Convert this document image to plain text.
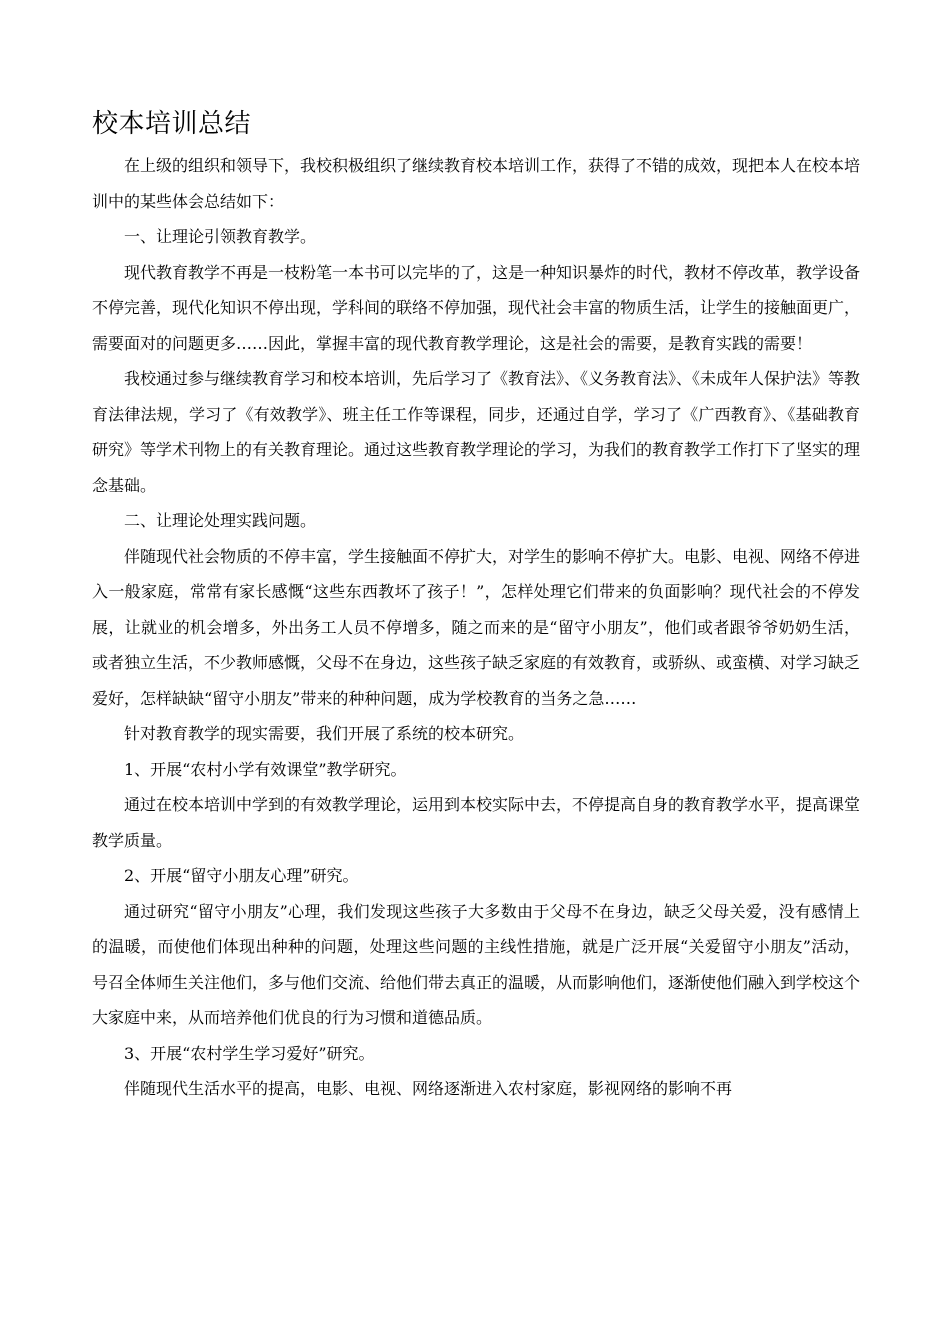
校本培训总结

在上级的组织和领导下，我校积极组织了继续教育校本培训工作，获得了不错的成效，现把本人在校本培训中的某些体会总结如下：

一、让理论引领教育教学。

现代教育教学不再是一枝粉笔一本书可以完毕的了，这是一种知识暴炸的时代，教材不停改革，教学设备不停完善，现代化知识不停出现，学科间的联络不停加强，现代社会丰富的物质生活，让学生的接触面更广，需要面对的问题更多……因此，掌握丰富的现代教育教学理论，这是社会的需要，是教育实践的需要！

我校通过参与继续教育学习和校本培训，先后学习了《教育法》、《义务教育法》、《未成年人保护法》等教育法律法规，学习了《有效教学》、班主任工作等课程，同步，还通过自学，学习了《广西教育》、《基础教育研究》等学术刊物上的有关教育理论。通过这些教育教学理论的学习，为我们的教育教学工作打下了坚实的理念基础。

二、让理论处理实践问题。

伴随现代社会物质的不停丰富，学生接触面不停扩大，对学生的影响不停扩大。电影、电视、网络不停进入一般家庭，常常有家长感慨“这些东西教坏了孩子！”，怎样处理它们带来的负面影响？现代社会的不停发展，让就业的机会增多，外出务工人员不停增多，随之而来的是“留守小朋友”，他们或者跟爷爷奶奶生活，或者独立生活，不少教师感慨，父母不在身边，这些孩子缺乏家庭的有效教育，或骄纵、或蛮横、对学习缺乏爱好，怎样缺缺“留守小朋友”带来的种种问题，成为学校教育的当务之急……

针对教育教学的现实需要，我们开展了系统的校本研究。

1、开展“农村小学有效课堂”教学研究。

通过在校本培训中学到的有效教学理论，运用到本校实际中去，不停提高自身的教育教学水平，提高课堂教学质量。

2、开展“留守小朋友心理”研究。

通过研究“留守小朋友”心理，我们发现这些孩子大多数由于父母不在身边，缺乏父母关爱，没有感情上的温暖，而使他们体现出种种的问题，处理这些问题的主线性措施，就是广泛开展“关爱留守小朋友”活动，号召全体师生关注他们，多与他们交流、给他们带去真正的温暖，从而影响他们，逐渐使他们融入到学校这个大家庭中来，从而培养他们优良的行为习惯和道德品质。

3、开展“农村学生学习爱好”研究。

伴随现代生活水平的提高，电影、电视、网络逐渐进入农村家庭，影视网络的影响不再
